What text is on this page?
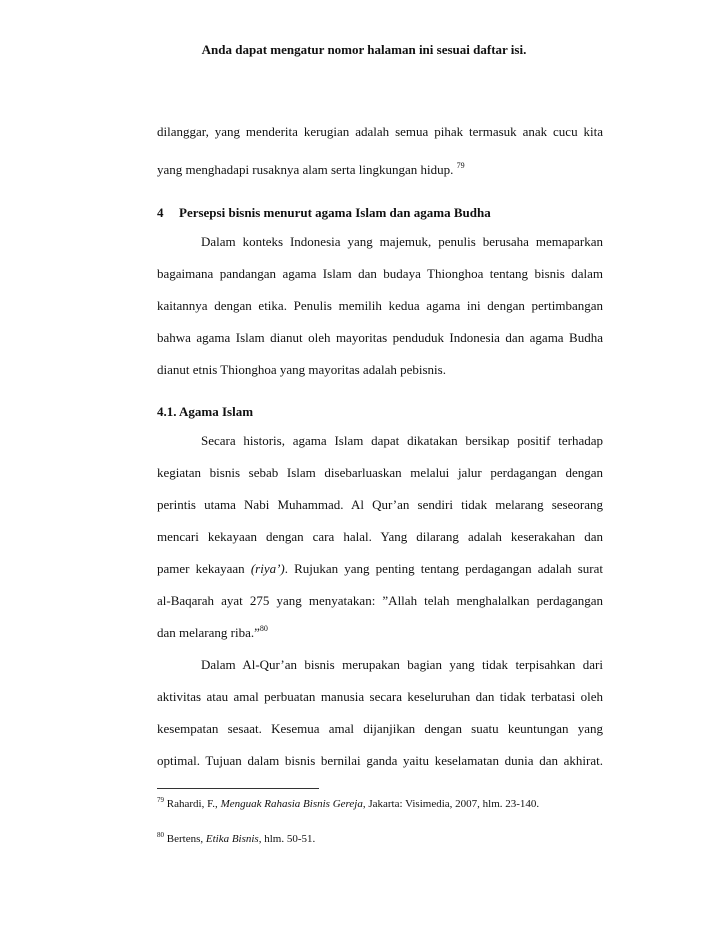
Anda dapat mengatur nomor halaman ini sesuai daftar isi.
dilanggar, yang menderita kerugian adalah semua pihak termasuk anak cucu kita
yang menghadapi rusaknya alam serta lingkungan hidup. $^{79}$
4 Persepsi bisnis menurut agama Islam dan agama Budha
Dalam konteks Indonesia yang majemuk, penulis berusaha memaparkan
bagaimana pandangan agama Islam dan budaya Thionghoa tentang bisnis dalam
kaitannya dengan etika. Penulis memilih kedua agama ini dengan pertimbangan
bahwa agama Islam dianut oleh mayoritas penduduk Indonesia dan agama Budha
dianut etnis Thionghoa yang mayoritas adalah pebisnis.
4.1. Agama Islam
Secara historis, agama Islam dapat dikatakan bersikap positif terhadap
kegiatan bisnis sebab Islam disebarluaskan melalui jalur perdagangan dengan
perintis utama Nabi Muhammad. Al Qur’an sendiri tidak melarang seseorang
mencari kekayaan dengan cara halal. Yang dilarang adalah keserakahan dan
pamer kekayaan (riya’). Rujukan yang penting tentang perdagangan adalah surat
al-Baqarah ayat 275 yang menyatakan: ”Allah telah menghalalkan perdagangan
dan melarang riba.”$^{80}$
Dalam Al-Qur’an bisnis merupakan bagian yang tidak terpisahkan dari
aktivitas atau amal perbuatan manusia secara keseluruhan dan tidak terbatasi oleh
kesempatan sesaat. Kesemua amal dijanjikan dengan suatu keuntungan yang
optimal. Tujuan dalam bisnis bernilai ganda yaitu keselamatan dunia dan akhirat.
$^{79}$ Rahardi, F., Menguak Rahasia Bisnis Gereja, Jakarta: Visimedia, 2007, hlm. 23-140.
$^{80}$ Bertens, Etika Bisnis, hlm. 50-51.
